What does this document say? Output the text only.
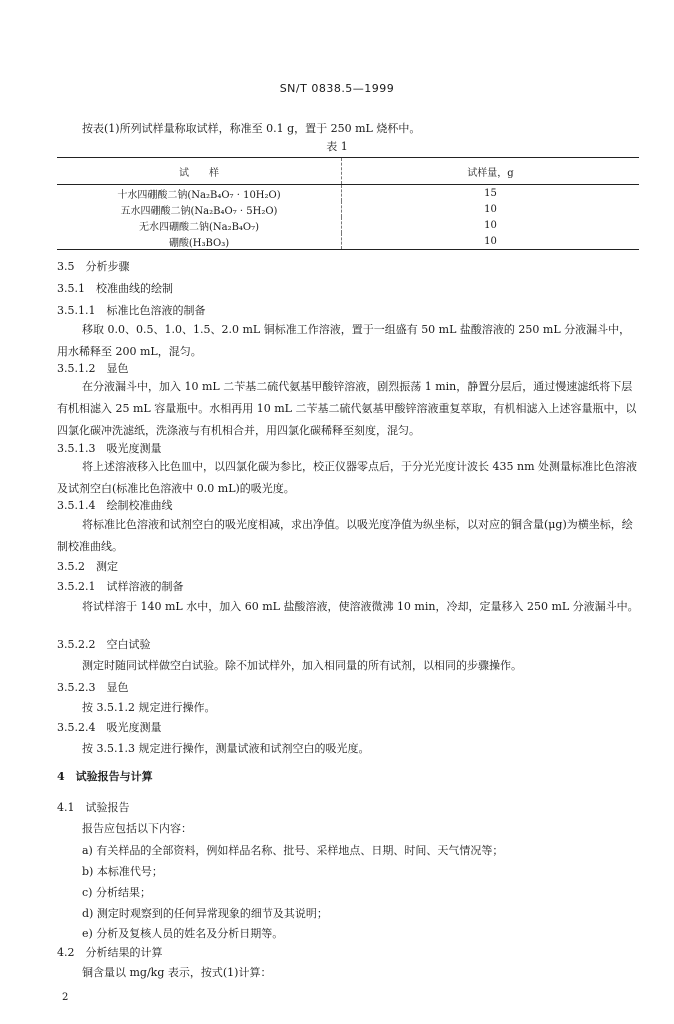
SN/T 0838.5—1999
按表(1)所列试样量称取试样，称准至 0.1 g，置于 250 mL 烧杯中。
表 1
试　　样	试样量，g
十水四硼酸二钠(Na₂B₄O₇ · 10H₂O)	15
五水四硼酸二钠(Na₂B₄O₇ · 5H₂O)	10
无水四硼酸二钠(Na₂B₄O₇)	10
硼酸(H₃BO₃)	10
3.5　分析步骤
3.5.1　校准曲线的绘制
3.5.1.1　标准比色溶液的制备
移取 0.0、0.5、1.0、1.5、2.0 mL 铜标准工作溶液，置于一组盛有 50 mL 盐酸溶液的 250 mL 分液漏斗中，用水稀释至 200 mL，混匀。
3.5.1.2　显色
在分液漏斗中，加入 10 mL 二苄基二硫代氨基甲酸锌溶液，剧烈振荡 1 min，静置分层后，通过慢速滤纸将下层有机相滤入 25 mL 容量瓶中。水相再用 10 mL 二苄基二硫代氨基甲酸锌溶液重复萃取，有机相滤入上述容量瓶中，以四氯化碳冲洗滤纸，洗涤液与有机相合并，用四氯化碳稀释至刻度，混匀。
3.5.1.3　吸光度测量
将上述溶液移入比色皿中，以四氯化碳为参比，校正仪器零点后，于分光光度计波长 435 nm 处测量标准比色溶液及试剂空白(标准比色溶液中 0.0 mL)的吸光度。
3.5.1.4　绘制校准曲线
将标准比色溶液和试剂空白的吸光度相减，求出净值。以吸光度净值为纵坐标，以对应的铜含量(μg)为横坐标，绘制校准曲线。
3.5.2　测定
3.5.2.1　试样溶液的制备
将试样溶于 140 mL 水中，加入 60 mL 盐酸溶液，使溶液微沸 10 min，冷却，定量移入 250 mL 分液漏斗中。
3.5.2.2　空白试验
测定时随同试样做空白试验。除不加试样外，加入相同量的所有试剂，以相同的步骤操作。
3.5.2.3　显色
按 3.5.1.2 规定进行操作。
3.5.2.4　吸光度测量
按 3.5.1.3 规定进行操作，测量试液和试剂空白的吸光度。
4　试验报告与计算
4.1　试验报告
报告应包括以下内容：
a) 有关样品的全部资料，例如样品名称、批号、采样地点、日期、时间、天气情况等；
b) 本标准代号；
c) 分析结果；
d) 测定时观察到的任何异常现象的细节及其说明；
e) 分析及复核人员的姓名及分析日期等。
4.2　分析结果的计算
铜含量以 mg/kg 表示，按式(1)计算：
2
